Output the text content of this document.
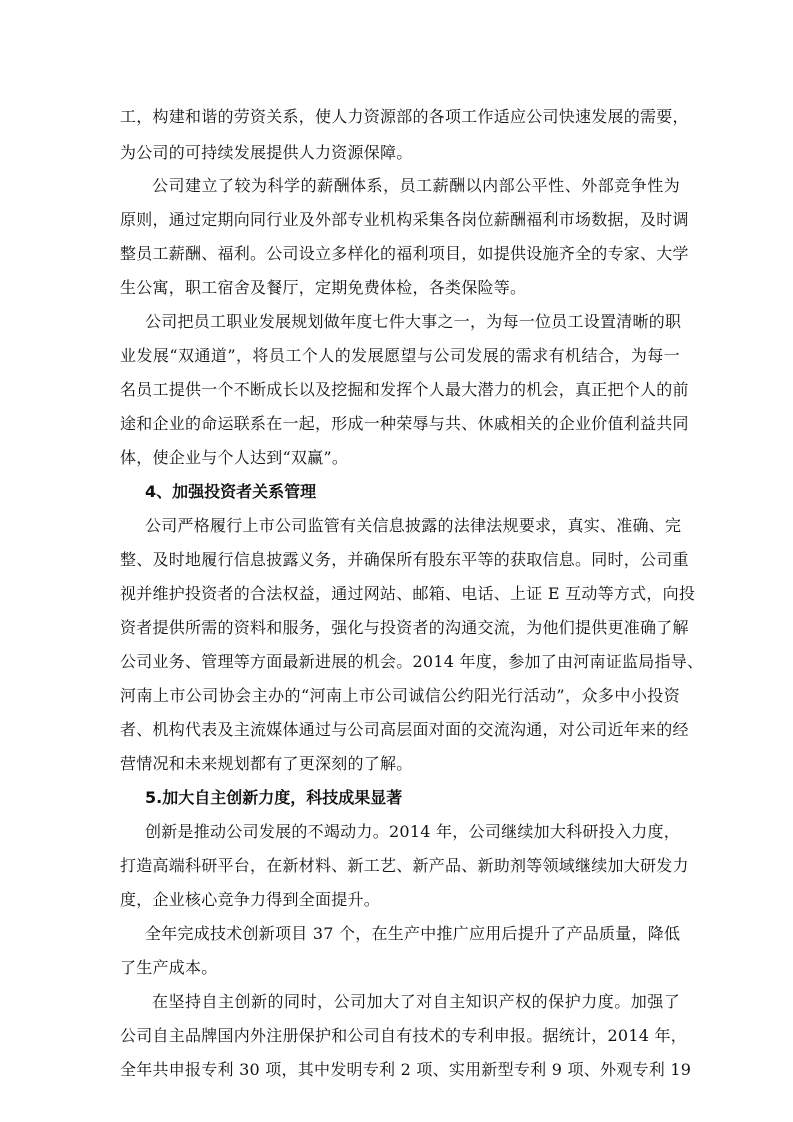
工，构建和谐的劳资关系，使人力资源部的各项工作适应公司快速发展的需要，

为公司的可持续发展提供人力资源保障。

公司建立了较为科学的薪酬体系，员工薪酬以内部公平性、外部竞争性为

原则，通过定期向同行业及外部专业机构采集各岗位薪酬福利市场数据，及时调

整员工薪酬、福利。公司设立多样化的福利项目，如提供设施齐全的专家、大学

生公寓，职工宿舍及餐厅，定期免费体检，各类保险等。

公司把员工职业发展规划做年度七件大事之一，为每一位员工设置清晰的职

业发展“双通道”，将员工个人的发展愿望与公司发展的需求有机结合，为每一

名员工提供一个不断成长以及挖掘和发挥个人最大潜力的机会，真正把个人的前

途和企业的命运联系在一起，形成一种荣辱与共、休戚相关的企业价值利益共同

体，使企业与个人达到“双赢”。

4、加强投资者关系管理

公司严格履行上市公司监管有关信息披露的法律法规要求，真实、准确、完

整、及时地履行信息披露义务，并确保所有股东平等的获取信息。同时，公司重

视并维护投资者的合法权益，通过网站、邮箱、电话、上证 E 互动等方式，向投

资者提供所需的资料和服务，强化与投资者的沟通交流，为他们提供更准确了解

公司业务、管理等方面最新进展的机会。2014 年度，参加了由河南证监局指导、

河南上市公司协会主办的“河南上市公司诚信公约阳光行活动”，众多中小投资

者、机构代表及主流媒体通过与公司高层面对面的交流沟通，对公司近年来的经

营情况和未来规划都有了更深刻的了解。

5.加大自主创新力度，科技成果显著

创新是推动公司发展的不竭动力。2014 年，公司继续加大科研投入力度，

打造高端科研平台，在新材料、新工艺、新产品、新助剂等领域继续加大研发力

度，企业核心竞争力得到全面提升。

全年完成技术创新项目 37 个，在生产中推广应用后提升了产品质量，降低

了生产成本。

在坚持自主创新的同时，公司加大了对自主知识产权的保护力度。加强了

公司自主品牌国内外注册保护和公司自有技术的专利申报。据统计，2014 年，

全年共申报专利 30 项，其中发明专利 2 项、实用新型专利 9 项、外观专利 19
